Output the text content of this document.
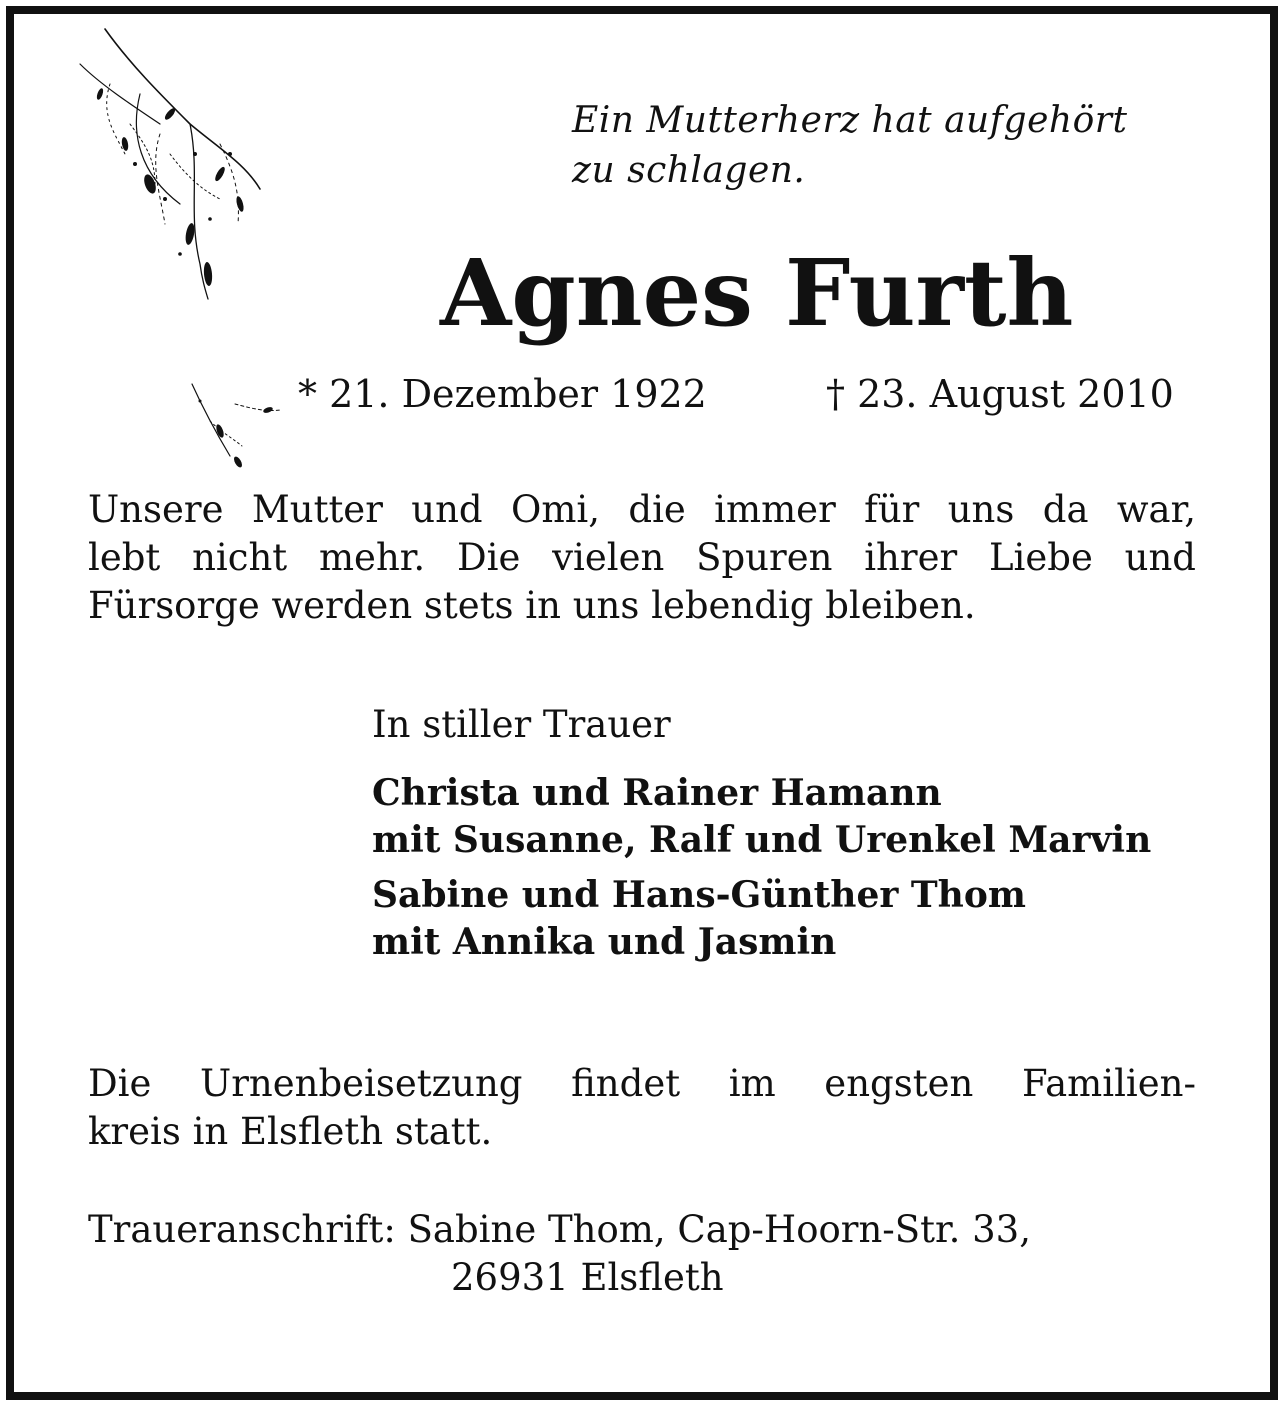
Ein Mutterherz hat aufgehört
zu schlagen.
Agnes Furth
* 21. Dezember 1922	† 23. August 2010
Unsere Mutter und Omi, die immer für uns da war,
lebt nicht mehr. Die vielen Spuren ihrer Liebe und
Fürsorge werden stets in uns lebendig bleiben.

In stiller Trauer

Christa und Rainer Hamann

mit Susanne, Ralf und Urenkel Marvin

Sabine und Hans-Günther Thom

mit Annika und Jasmin

Die Urnenbeisetzung findet im engsten Familien-
kreis in Elsfleth statt.
Traueranschrift: Sabine Thom, Cap-Hoorn-Str. 33,
26931 Elsfleth
